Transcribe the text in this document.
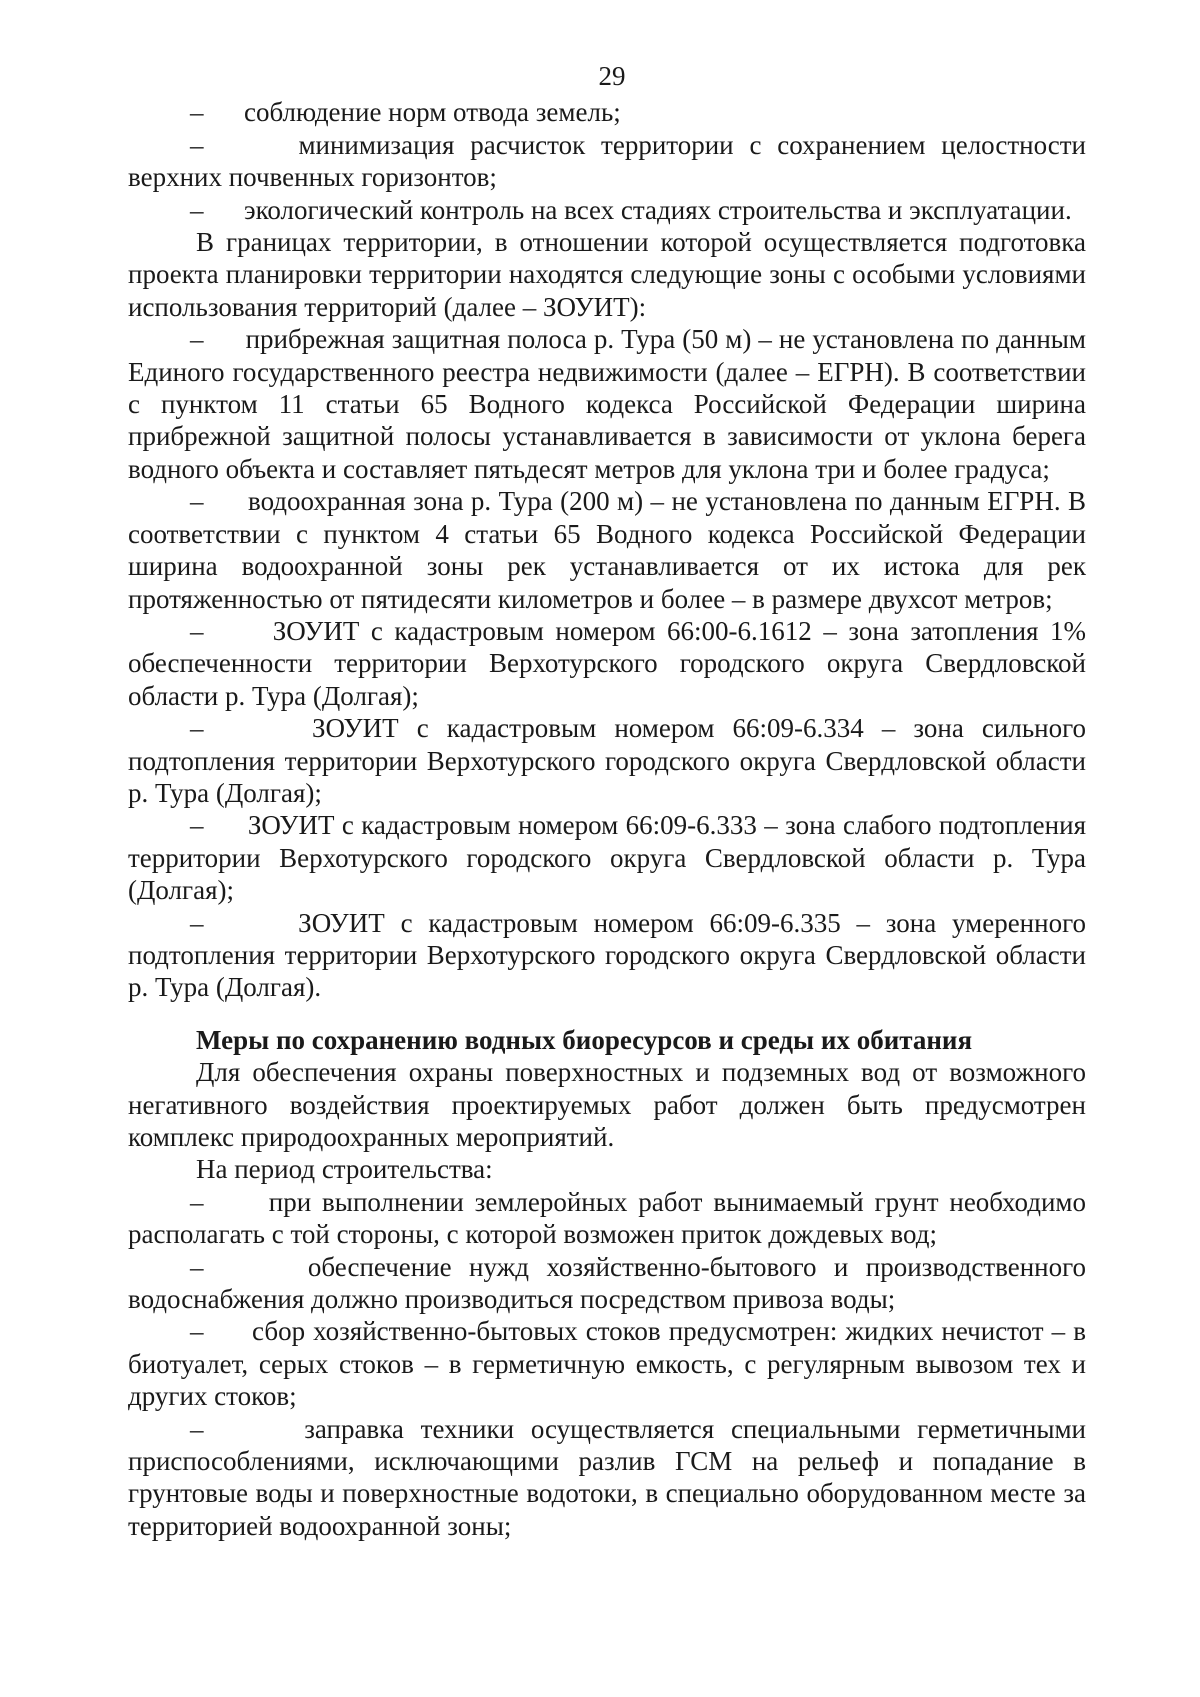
29

–      соблюдение норм отвода земель;

–      минимизация расчисток территории с сохранением целостности верхних почвенных горизонтов;

–      экологический контроль на всех стадиях строительства и эксплуатации.

В границах территории, в отношении которой осуществляется подготовка проекта планировки территории находятся следующие зоны с особыми условиями использования территорий (далее – ЗОУИТ):

–      прибрежная защитная полоса р. Тура (50 м) – не установлена по данным Единого государственного реестра недвижимости (далее – ЕГРН). В соответствии с пунктом 11 статьи 65 Водного кодекса Российской Федерации ширина прибрежной защитной полосы устанавливается в зависимости от уклона берега водного объекта и составляет пятьдесят метров для уклона три и более градуса;

–      водоохранная зона р. Тура (200 м) – не установлена по данным ЕГРН. В соответствии с пунктом 4 статьи 65 Водного кодекса Российской Федерации ширина водоохранной зоны рек устанавливается от их истока для рек протяженностью от пятидесяти километров и более – в размере двухсот метров;

–      ЗОУИТ с кадастровым номером 66:00-6.1612 – зона затопления 1% обеспеченности территории Верхотурского городского округа Свердловской области р. Тура (Долгая);

–      ЗОУИТ с кадастровым номером 66:09-6.334 – зона сильного подтопления территории Верхотурского городского округа Свердловской области р. Тура (Долгая);

–      ЗОУИТ с кадастровым номером 66:09-6.333 – зона слабого подтопления территории Верхотурского городского округа Свердловской области р. Тура (Долгая);

–      ЗОУИТ с кадастровым номером 66:09-6.335 – зона умеренного подтопления территории Верхотурского городского округа Свердловской области р. Тура (Долгая).

Меры по сохранению водных биоресурсов и среды их обитания

Для обеспечения охраны поверхностных и подземных вод от возможного негативного воздействия проектируемых работ должен быть предусмотрен комплекс природоохранных мероприятий.

На период строительства:

–      при выполнении землеройных работ вынимаемый грунт необходимо располагать с той стороны, с которой возможен приток дождевых вод;

–      обеспечение нужд хозяйственно-бытового и производственного водоснабжения должно производиться посредством привоза воды;

–      сбор хозяйственно-бытовых стоков предусмотрен: жидких нечистот – в биотуалет, серых стоков – в герметичную емкость, с регулярным вывозом тех и других стоков;

–      заправка техники осуществляется специальными герметичными приспособлениями, исключающими разлив ГСМ на рельеф и попадание в грунтовые воды и поверхностные водотоки, в специально оборудованном месте за территорией водоохранной зоны;
